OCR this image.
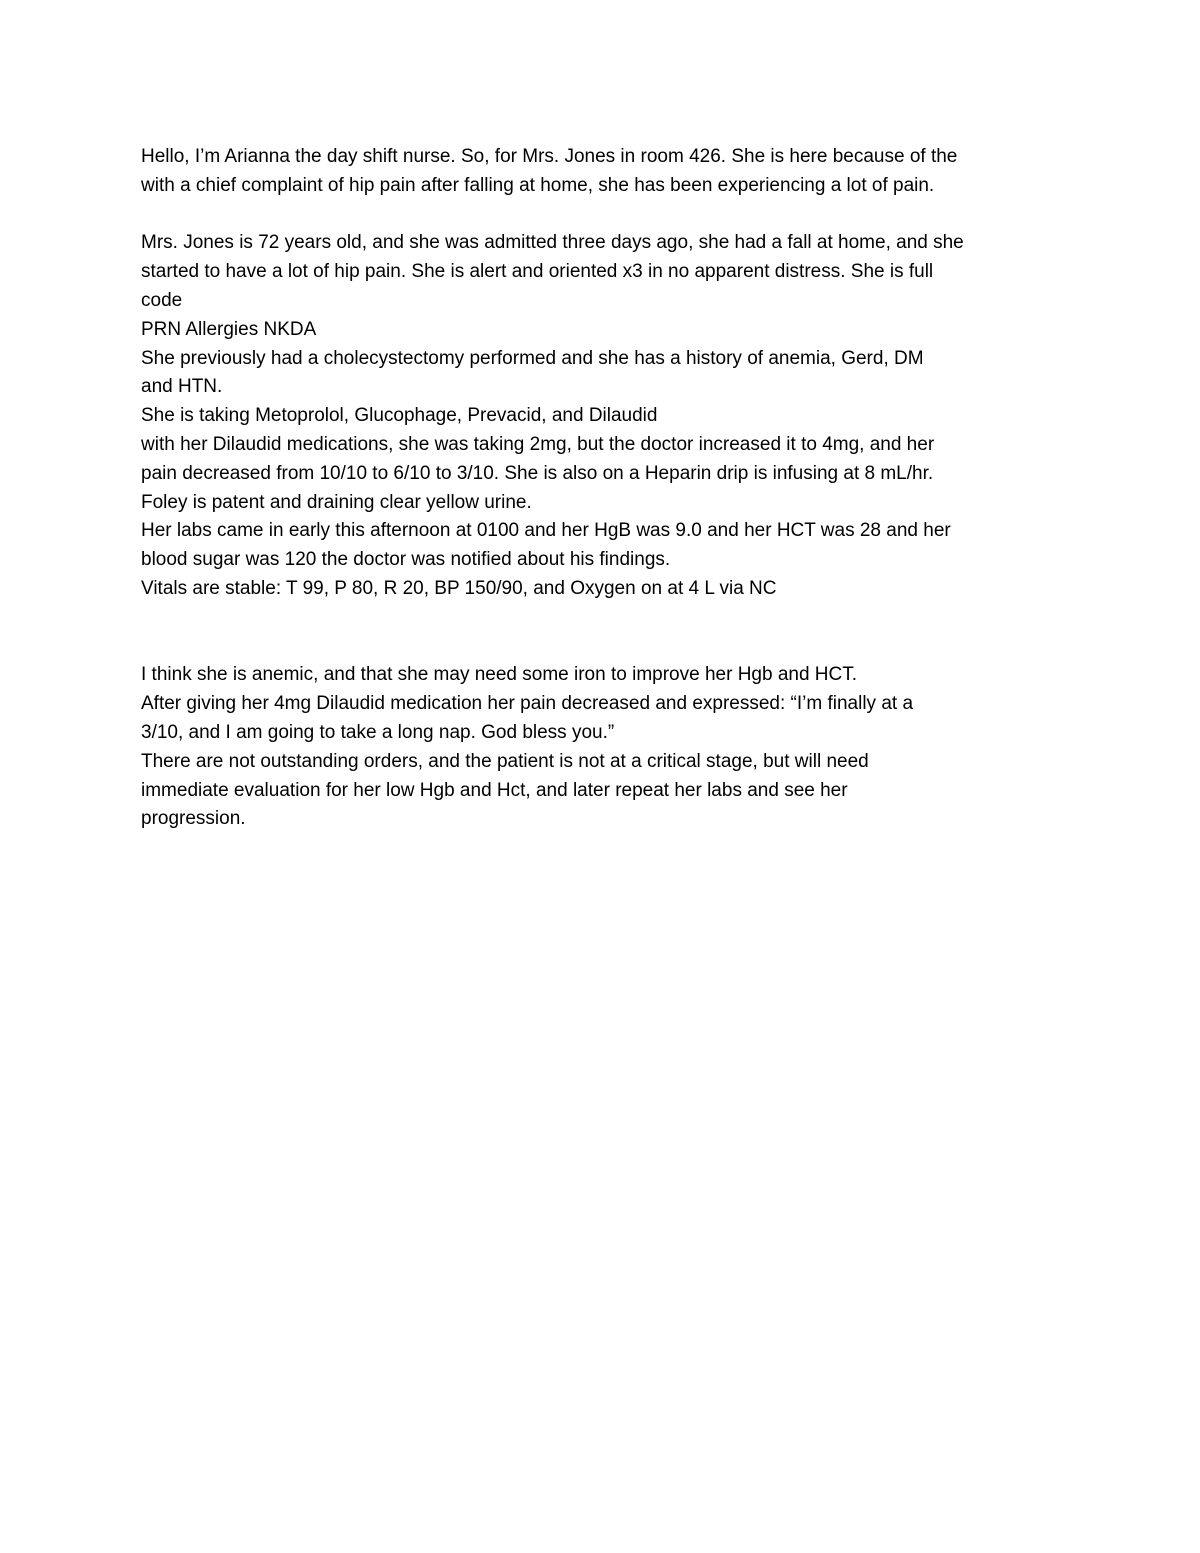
Hello, I’m Arianna the day shift nurse. So, for Mrs. Jones in room 426. She is here because of the
with a chief complaint of hip pain after falling at home, she has been experiencing a lot of pain.
Mrs. Jones is 72 years old, and she was admitted three days ago, she had a fall at home, and she
started to have a lot of hip pain. She is alert and oriented x3 in no apparent distress. She is full
code
PRN Allergies NKDA
She previously had a cholecystectomy performed and she has a history of anemia, Gerd, DM
and HTN.
She is taking Metoprolol, Glucophage, Prevacid, and Dilaudid
with her Dilaudid medications, she was taking 2mg, but the doctor increased it to 4mg, and her
pain decreased from 10/10 to 6/10 to 3/10. She is also on a Heparin drip is infusing at 8 mL/hr.
Foley is patent and draining clear yellow urine.
Her labs came in early this afternoon at 0100 and her HgB was 9.0 and her HCT was 28 and her
blood sugar was 120 the doctor was notified about his findings.
Vitals are stable: T 99, P 80, R 20, BP 150/90, and Oxygen on at 4 L via NC
I think she is anemic, and that she may need some iron to improve her Hgb and HCT.
After giving her 4mg Dilaudid medication her pain decreased and expressed: “I’m finally at a
3/10, and I am going to take a long nap. God bless you.”
There are not outstanding orders, and the patient is not at a critical stage, but will need
immediate evaluation for her low Hgb and Hct, and later repeat her labs and see her
progression.
